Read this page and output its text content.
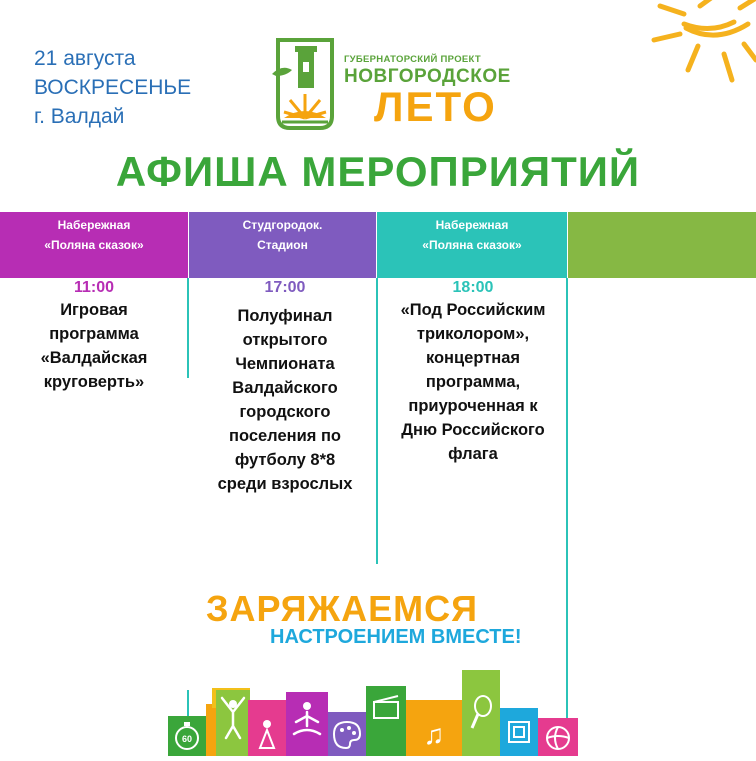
21 августа
ВОСКРЕСЕНЬЕ
г. Валдай
ГУБЕРНАТОРСКИЙ ПРОЕКТ
НОВГОРОДСКОЕ
ЛЕТО
АФИША МЕРОПРИЯТИЙ
Набережная
«Поляна сказок»
Студгородок.
Стадион
Набережная
«Поляна сказок»
11:00
Игровая
программа
«Валдайская
круговерть»
17:00
Полуфинал
открытого
Чемпионата
Валдайского
городского
поселения по
футболу 8*8
среди взрослых
18:00
«Под Российским
триколором»,
концертная
программа,
приуроченная к
Дню Российского
флага
ЗАРЯЖАЕМСЯ
НАСТРОЕНИЕМ ВМЕСТЕ!
60	♫
